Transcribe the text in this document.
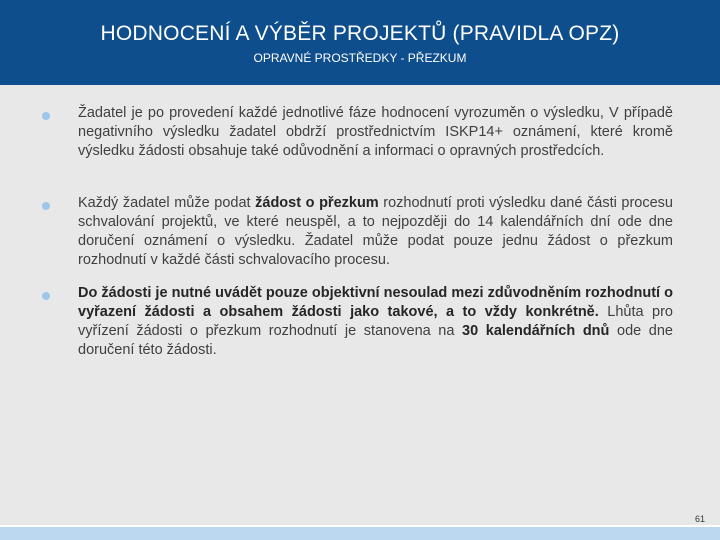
HODNOCENÍ A VÝBĚR PROJEKTŮ (PRAVIDLA OPZ)
OPRAVNÉ PROSTŘEDKY - PŘEZKUM
Žadatel je po provedení každé jednotlivé fáze hodnocení vyrozuměn o výsledku, V případě negativního výsledku žadatel obdrží prostřednictvím ISKP14+ oznámení, které kromě výsledku žádosti obsahuje také odůvodnění a informaci o opravných prostředcích.
Každý žadatel může podat žádost o přezkum rozhodnutí proti výsledku dané části procesu schvalování projektů, ve které neuspěl, a to nejpozději do 14 kalendářních dní ode dne doručení oznámení o výsledku. Žadatel může podat pouze jednu žádost o přezkum rozhodnutí v každé části schvalovacího procesu.
Do žádosti je nutné uvádět pouze objektivní nesoulad mezi zdůvodněním rozhodnutí o vyřazení žádosti a obsahem žádosti jako takové, a to vždy konkrétně. Lhůta pro vyřízení žádosti o přezkum rozhodnutí je stanovena na 30 kalendářních dnů ode dne doručení této žádosti.
61
